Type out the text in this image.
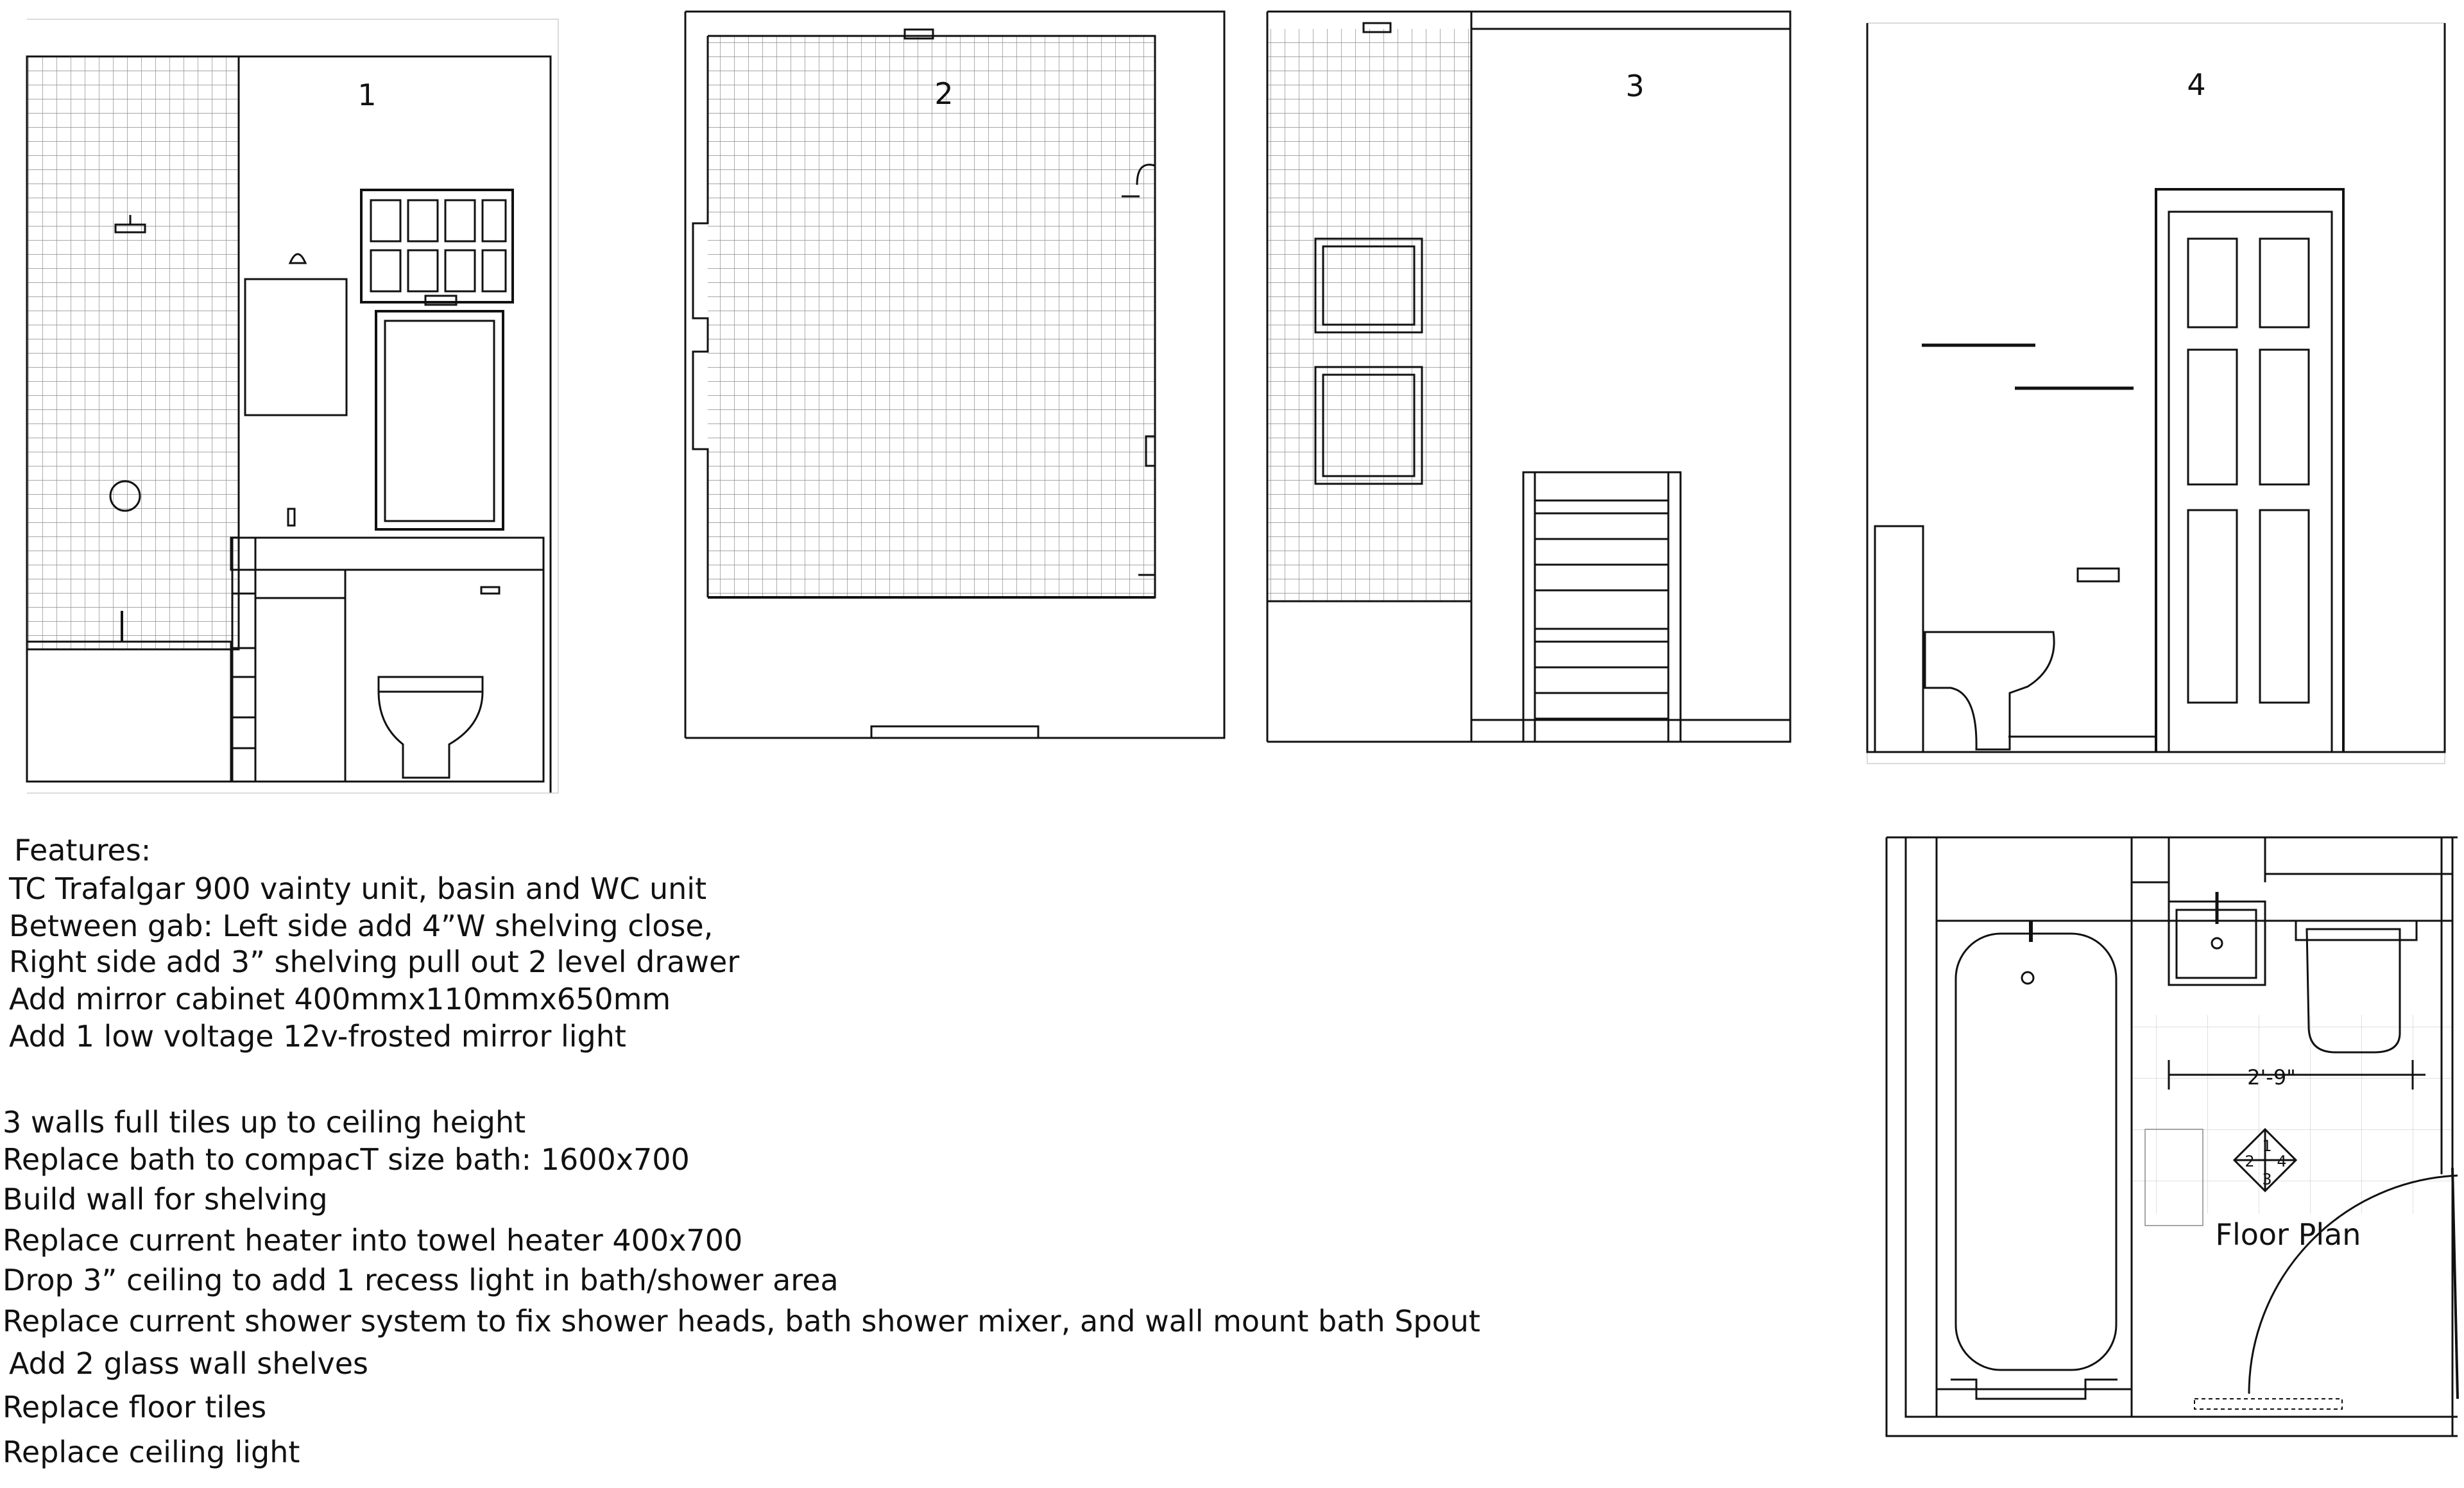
1	2	3	4
2'-9"
1
2
3
4
Floor Plan
Features:
TC Trafalgar 900 vainty unit, basin and WC unit
Between gab: Left side add 4”W shelving close,
Right side add 3” shelving pull out 2 level drawer
Add mirror cabinet 400mmx110mmx650mm
Add 1 low voltage 12v-frosted mirror light
3 walls full tiles up to ceiling height
Replace bath to compacT size bath: 1600x700
Build wall for shelving
Replace current heater into towel heater 400x700
Drop 3” ceiling to add 1 recess light in bath/shower area
Replace current shower system to fix shower heads, bath shower mixer, and wall mount bath Spout
Add 2 glass wall shelves
Replace floor tiles
Replace ceiling light
